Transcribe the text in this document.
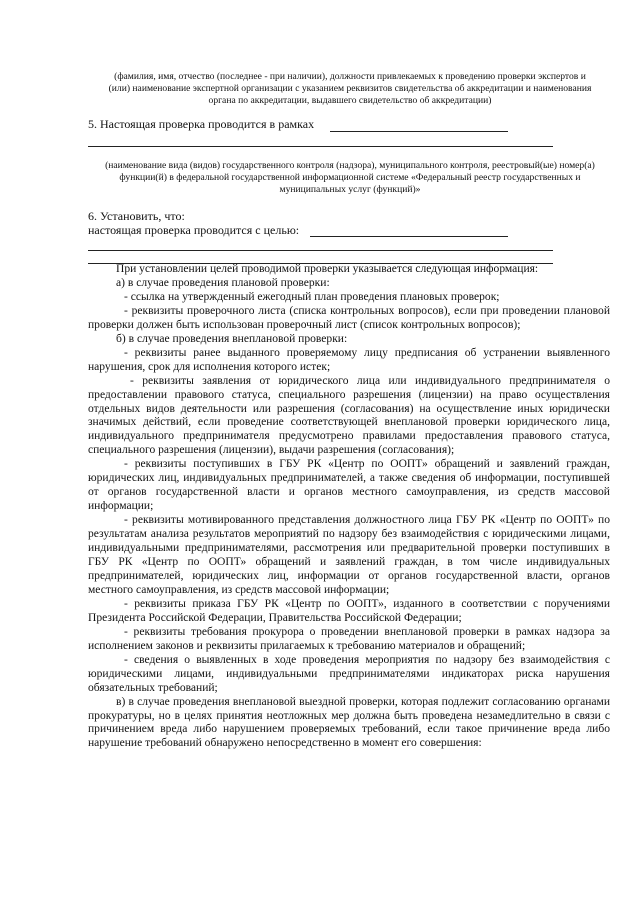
(фамилия, имя, отчество (последнее - при наличии), должности привлекаемых к проведению проверки экспертов и
(или) наименование экспертной организации с указанием реквизитов свидетельства об аккредитации и наименования
органа по аккредитации, выдавшего свидетельство об аккредитации)
5. Настоящая проверка проводится в рамках
(наименование вида (видов) государственного контроля (надзора), муниципального контроля, реестровый(ые) номер(а)
функции(й) в федеральной государственной информационной системе «Федеральный реестр государственных и
муниципальных услуг (функций)»
6. Установить, что:
настоящая проверка проводится с целью:

При установлении целей проводимой проверки указывается следующая информация:

а) в случае проведения плановой проверки:

- ссылка на утвержденный ежегодный план проведения плановых проверок;

- реквизиты проверочного листа (списка контрольных вопросов), если при проведении плановой проверки должен быть использован проверочный лист (список контрольных вопросов);

б) в случае проведения внеплановой проверки:

- реквизиты ранее выданного проверяемому лицу предписания об устранении выявленного нарушения, срок для исполнения которого истек;

- реквизиты заявления от юридического лица или индивидуального предпринимателя о предоставлении правового статуса, специального разрешения (лицензии) на право осуществления отдельных видов деятельности или разрешения (согласования) на осуществление иных юридически значимых действий, если проведение соответствующей внеплановой проверки юридического лица, индивидуального предпринимателя предусмотрено правилами предоставления правового статуса, специального разрешения (лицензии), выдачи разрешения (согласования);

- реквизиты поступивших в ГБУ РК «Центр по ООПТ» обращений и заявлений граждан, юридических лиц, индивидуальных предпринимателей, а также сведения об информации, поступившей от органов государственной власти и органов местного самоуправления, из средств массовой информации;

- реквизиты мотивированного представления должностного лица ГБУ РК «Центр по ООПТ» по результатам анализа результатов мероприятий по надзору без взаимодействия с юридическими лицами, индивидуальными предпринимателями, рассмотрения или предварительной проверки поступивших в ГБУ РК «Центр по ООПТ» обращений и заявлений граждан, в том числе индивидуальных предпринимателей, юридических лиц, информации от органов государственной власти, органов местного самоуправления, из средств массовой информации;

- реквизиты приказа ГБУ РК «Центр по ООПТ», изданного в соответствии с поручениями Президента Российской Федерации, Правительства Российской Федерации;

- реквизиты требования прокурора о проведении внеплановой проверки в рамках надзора за исполнением законов и реквизиты прилагаемых к требованию материалов и обращений;

- сведения о выявленных в ходе проведения мероприятия по надзору без взаимодействия с юридическими лицами, индивидуальными предпринимателями индикаторах риска нарушения обязательных требований;

в) в случае проведения внеплановой выездной проверки, которая подлежит согласованию органами прокуратуры, но в целях принятия неотложных мер должна быть проведена незамедлительно в связи с причинением вреда либо нарушением проверяемых требований, если такое причинение вреда либо нарушение требований обнаружено непосредственно в момент его совершения:
